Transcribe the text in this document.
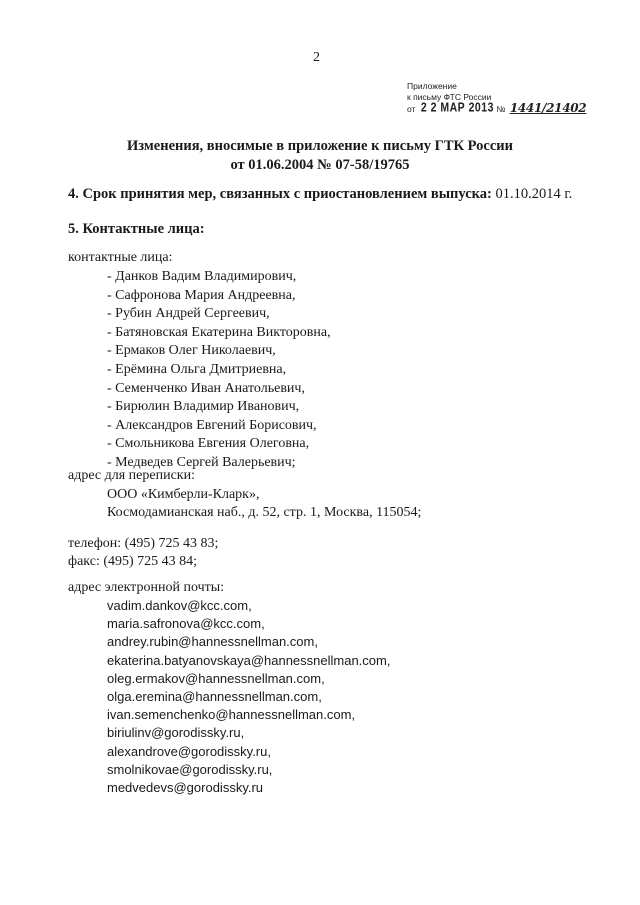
2
Приложение
к письму ФТС России
от 2 2 МАР 2013 № 1441/21402
Изменения, вносимые в приложение к письму ГТК России
от 01.06.2004 № 07-58/19765
4. Срок принятия мер, связанных с приостановлением выпуска: 01.10.2014 г.
5. Контактные лица:
контактные лица:
- Данков Вадим Владимирович,
- Сафронова Мария Андреевна,
- Рубин Андрей Сергеевич,
- Батяновская Екатерина Викторовна,
- Ермаков Олег Николаевич,
- Ерёмина Ольга Дмитриевна,
- Семенченко Иван Анатольевич,
- Бирюлин Владимир Иванович,
- Александров Евгений Борисович,
- Смольникова Евгения Олеговна,
- Медведев Сергей Валерьевич;
адрес для переписки:
ООО «Кимберли-Кларк»,
Космодамианская наб., д. 52, стр. 1, Москва, 115054;
телефон: (495) 725 43 83;
факс: (495) 725 43 84;
адрес электронной почты:
vadim.dankov@kcc.com,
maria.safronova@kcc.com,
andrey.rubin@hannessnellman.com,
ekaterina.batyanovskaya@hannessnellman.com,
oleg.ermakov@hannessnellman.com,
olga.eremina@hannessnellman.com,
ivan.semenchenko@hannessnellman.com,
biriulinv@gorodissky.ru,
alexandrove@gorodissky.ru,
smolnikovae@gorodissky.ru,
medvedevs@gorodissky.ru
